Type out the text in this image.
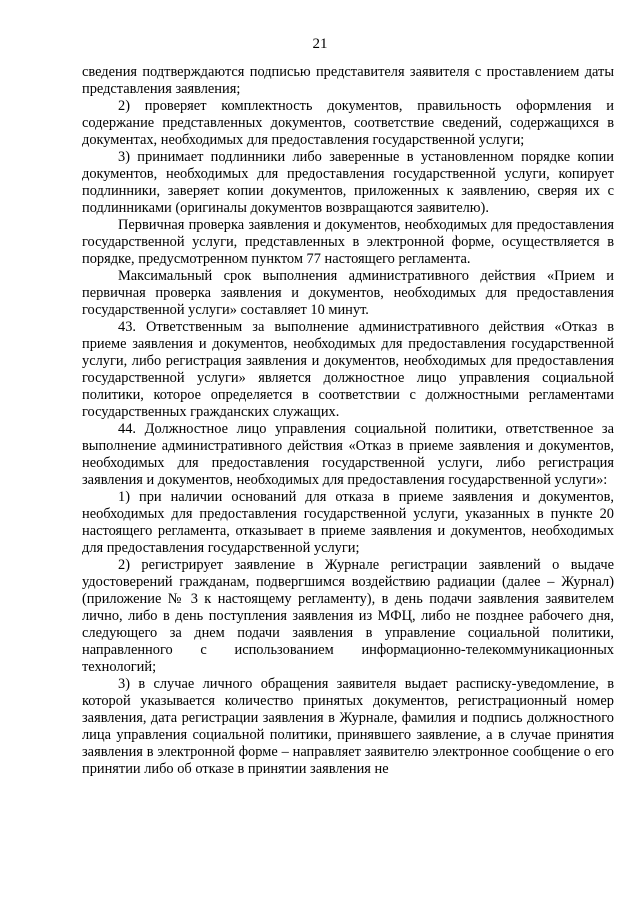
21

сведения подтверждаются подписью представителя заявителя с проставлением даты представления заявления;

2) проверяет комплектность документов, правильность оформления и содержание представленных документов, соответствие сведений, содержащихся в документах, необходимых для предоставления государственной услуги;

3) принимает подлинники либо заверенные в установленном порядке копии документов, необходимых для предоставления государственной услуги, копирует подлинники, заверяет копии документов, приложенных к заявлению, сверяя их с подлинниками (оригиналы документов возвращаются заявителю).

Первичная проверка заявления и документов, необходимых для предоставления государственной услуги, представленных в электронной форме, осуществляется в порядке, предусмотренном пунктом 77 настоящего регламента.

Максимальный срок выполнения административного действия «Прием и первичная проверка заявления и документов, необходимых для предоставления государственной услуги» составляет 10 минут.

43. Ответственным за выполнение административного действия «Отказ в приеме заявления и документов, необходимых для предоставления государственной услуги, либо регистрация заявления и документов, необходимых для предоставления государственной услуги» является должностное лицо управления социальной политики, которое определяется в соответствии с должностными регламентами государственных гражданских служащих.

44. Должностное лицо управления социальной политики, ответственное за выполнение административного действия «Отказ в приеме заявления и документов, необходимых для предоставления государственной услуги, либо регистрация заявления и документов, необходимых для предоставления государственной услуги»:

1) при наличии оснований для отказа в приеме заявления и документов, необходимых для предоставления государственной услуги, указанных в пункте 20 настоящего регламента, отказывает в приеме заявления и документов, необходимых для предоставления государственной услуги;

2) регистрирует заявление в Журнале регистрации заявлений о выдаче удостоверений гражданам, подвергшимся воздействию радиации (далее – Журнал) (приложение № 3 к настоящему регламенту), в день подачи заявления заявителем лично, либо в день поступления заявления из МФЦ, либо не позднее рабочего дня, следующего за днем подачи заявления в управление социальной политики, направленного с использованием информационно-телекоммуникационных технологий;

3) в случае личного обращения заявителя выдает расписку-уведомление, в которой указывается количество принятых документов, регистрационный номер заявления, дата регистрации заявления в Журнале, фамилия и подпись должностного лица управления социальной политики, принявшего заявление, а в случае принятия заявления в электронной форме – направляет заявителю электронное сообщение о его принятии либо об отказе в принятии заявления не
